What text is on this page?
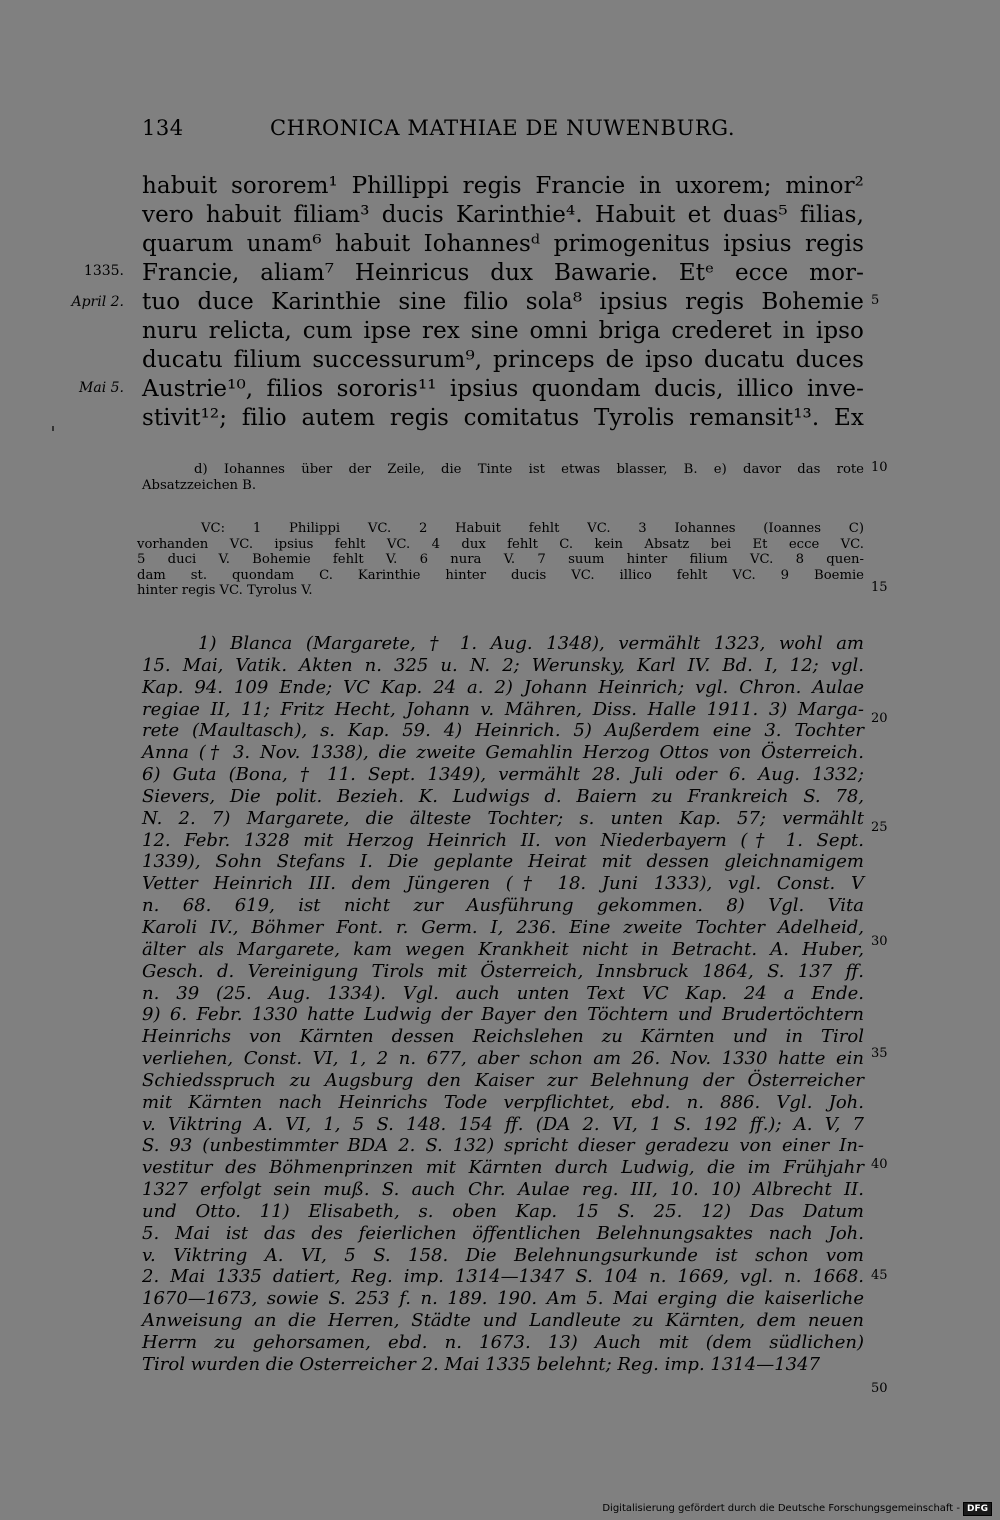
134	CHRONICA MATHIAE DE NUWENBURG.
1335.
April 2.
Mai 5.
habuit sororem¹ Phillippi regis Francie in uxorem; minor²
vero habuit filiam³ ducis Karinthie⁴. Habuit et duas⁵ filias,
quarum unam⁶ habuit Iohannesᵈ primogenitus ipsius regis
Francie, aliam⁷ Heinricus dux Bawarie. Etᵉ ecce mor-
tuo duce Karinthie sine filio sola⁸ ipsius regis Bohemie
nuru relicta, cum ipse rex sine omni briga crederet in ipso
ducatu filium successurum⁹, princeps de ipso ducatu duces
Austrie¹⁰, filios sororis¹¹ ipsius quondam ducis, illico inve-
stivit¹²; filio autem regis comitatus Tyrolis remansit¹³. Ex
5
10
15
20
25
30
35
40
45
50
d) Iohannes über der Zeile, die Tinte ist etwas blasser, B. e) davor das rote
Absatzzeichen B.
VC: 1 Philippi VC. 2 Habuit fehlt VC. 3 Iohannes (Ioannes C)
vorhanden VC. ipsius fehlt VC. 4 dux fehlt C. kein Absatz bei Et ecce VC.
5 duci V. Bohemie fehlt V. 6 nura V. 7 suum hinter filium VC. 8 quen-
dam st. quondam C. Karinthie hinter ducis VC. illico fehlt VC. 9 Boemie
hinter regis VC. Tyrolus V.
1) Blanca (Margarete, † 1. Aug. 1348), vermählt 1323, wohl am
15. Mai, Vatik. Akten n. 325 u. N. 2; Werunsky, Karl IV. Bd. I, 12; vgl.
Kap. 94. 109 Ende; VC Kap. 24 a. 2) Johann Heinrich; vgl. Chron. Aulae
regiae II, 11; Fritz Hecht, Johann v. Mähren, Diss. Halle 1911. 3) Marga-
rete (Maultasch), s. Kap. 59. 4) Heinrich. 5) Außerdem eine 3. Tochter
Anna († 3. Nov. 1338), die zweite Gemahlin Herzog Ottos von Österreich.
6) Guta (Bona, † 11. Sept. 1349), vermählt 28. Juli oder 6. Aug. 1332;
Sievers, Die polit. Bezieh. K. Ludwigs d. Baiern zu Frankreich S. 78,
N. 2. 7) Margarete, die älteste Tochter; s. unten Kap. 57; vermählt
12. Febr. 1328 mit Herzog Heinrich II. von Niederbayern († 1. Sept.
1339), Sohn Stefans I. Die geplante Heirat mit dessen gleichnamigem
Vetter Heinrich III. dem Jüngeren († 18. Juni 1333), vgl. Const. V
n. 68. 619, ist nicht zur Ausführung gekommen. 8) Vgl. Vita
Karoli IV., Böhmer Font. r. Germ. I, 236. Eine zweite Tochter Adelheid,
älter als Margarete, kam wegen Krankheit nicht in Betracht. A. Huber,
Gesch. d. Vereinigung Tirols mit Österreich, Innsbruck 1864, S. 137 ff.
n. 39 (25. Aug. 1334). Vgl. auch unten Text VC Kap. 24 a Ende.
9) 6. Febr. 1330 hatte Ludwig der Bayer den Töchtern und Brudertöchtern
Heinrichs von Kärnten dessen Reichslehen zu Kärnten und in Tirol
verliehen, Const. VI, 1, 2 n. 677, aber schon am 26. Nov. 1330 hatte ein
Schiedsspruch zu Augsburg den Kaiser zur Belehnung der Österreicher
mit Kärnten nach Heinrichs Tode verpflichtet, ebd. n. 886. Vgl. Joh.
v. Viktring A. VI, 1, 5 S. 148. 154 ff. (DA 2. VI, 1 S. 192 ff.); A. V, 7
S. 93 (unbestimmter BDA 2. S. 132) spricht dieser geradezu von einer In-
vestitur des Böhmenprinzen mit Kärnten durch Ludwig, die im Frühjahr
1327 erfolgt sein muß. S. auch Chr. Aulae reg. III, 10. 10) Albrecht II.
und Otto. 11) Elisabeth, s. oben Kap. 15 S. 25. 12) Das Datum
5. Mai ist das des feierlichen öffentlichen Belehnungsaktes nach Joh.
v. Viktring A. VI, 5 S. 158. Die Belehnungsurkunde ist schon vom
2. Mai 1335 datiert, Reg. imp. 1314—1347 S. 104 n. 1669, vgl. n. 1668.
1670—1673, sowie S. 253 f. n. 189. 190. Am 5. Mai erging die kaiserliche
Anweisung an die Herren, Städte und Landleute zu Kärnten, dem neuen
Herrn zu gehorsamen, ebd. n. 1673. 13) Auch mit (dem südlichen)
Tirol wurden die Osterreicher 2. Mai 1335 belehnt; Reg. imp. 1314—1347
Digitalisierung gefördert durch die Deutsche Forschungsgemeinschaft - DFG
